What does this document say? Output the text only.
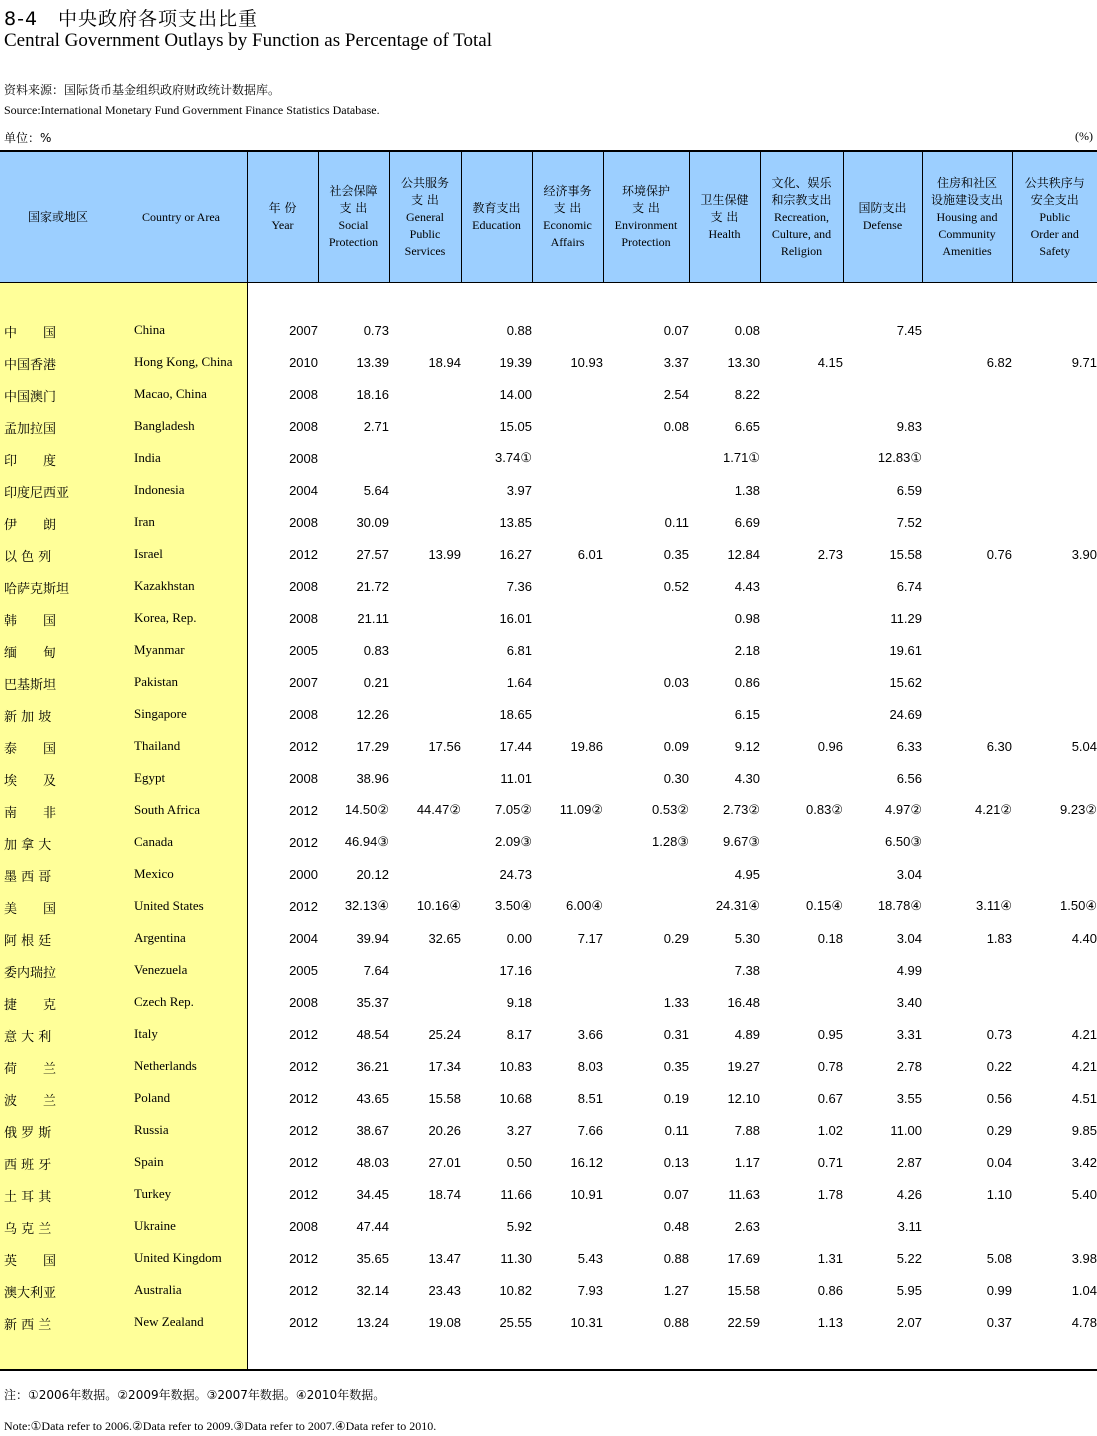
8-4　中央政府各项支出比重
Central Government Outlays by Function as Percentage of Total
资料来源：国际货币基金组织政府财政统计数据库。
Source:International Monetary Fund Government Finance Statistics Database.
单位：%	(%)
国家或地区 Country or Area	年 份
Year	社会保障
支 出
Social
Protection	公共服务
支 出
General
Public
Services	教育支出
Education	经济事务
支 出
Economic
Affairs	环境保护
支 出
Environment
Protection	卫生保健
支 出
Health	文化、娱乐
和宗教支出
Recreation,
Culture, and
Religion	国防支出
Defense	住房和社区
设施建设支出
Housing and
Community
Amenities	公共秩序与
安全支出
Public
Order and
Safety

中　　国 China	2007	0.73		0.88		0.07	0.08		7.45		

中国香港 Hong Kong, China	2010	13.39	18.94	19.39	10.93	3.37	13.30	4.15		6.82	9.71

中国澳门 Macao, China	2008	18.16		14.00		2.54	8.22				

孟加拉国 Bangladesh	2008	2.71		15.05		0.08	6.65		9.83		

印　　度 India	2008			3.74①			1.71①		12.83①		

印度尼西亚 Indonesia	2004	5.64		3.97			1.38		6.59		

伊　　朗 Iran	2008	30.09		13.85		0.11	6.69		7.52		

以 色 列 Israel	2012	27.57	13.99	16.27	6.01	0.35	12.84	2.73	15.58	0.76	3.90

哈萨克斯坦 Kazakhstan	2008	21.72		7.36		0.52	4.43		6.74		

韩　　国 Korea, Rep.	2008	21.11		16.01			0.98		11.29		

缅　　甸 Myanmar	2005	0.83		6.81			2.18		19.61		

巴基斯坦 Pakistan	2007	0.21		1.64		0.03	0.86		15.62		

新 加 坡 Singapore	2008	12.26		18.65			6.15		24.69		

泰　　国 Thailand	2012	17.29	17.56	17.44	19.86	0.09	9.12	0.96	6.33	6.30	5.04

埃　　及 Egypt	2008	38.96		11.01		0.30	4.30		6.56		

南　　非 South Africa	2012	14.50②	44.47②	7.05②	11.09②	0.53②	2.73②	0.83②	4.97②	4.21②	9.23②

加 拿 大 Canada	2012	46.94③		2.09③		1.28③	9.67③		6.50③		

墨 西 哥 Mexico	2000	20.12		24.73			4.95		3.04		

美　　国 United States	2012	32.13④	10.16④	3.50④	6.00④		24.31④	0.15④	18.78④	3.11④	1.50④

阿 根 廷 Argentina	2004	39.94	32.65	0.00	7.17	0.29	5.30	0.18	3.04	1.83	4.40

委内瑞拉 Venezuela	2005	7.64		17.16			7.38		4.99		

捷　　克 Czech Rep.	2008	35.37		9.18		1.33	16.48		3.40		

意 大 利 Italy	2012	48.54	25.24	8.17	3.66	0.31	4.89	0.95	3.31	0.73	4.21

荷　　兰 Netherlands	2012	36.21	17.34	10.83	8.03	0.35	19.27	0.78	2.78	0.22	4.21

波　　兰 Poland	2012	43.65	15.58	10.68	8.51	0.19	12.10	0.67	3.55	0.56	4.51

俄 罗 斯 Russia	2012	38.67	20.26	3.27	7.66	0.11	7.88	1.02	11.00	0.29	9.85

西 班 牙 Spain	2012	48.03	27.01	0.50	16.12	0.13	1.17	0.71	2.87	0.04	3.42

土 耳 其 Turkey	2012	34.45	18.74	11.66	10.91	0.07	11.63	1.78	4.26	1.10	5.40

乌 克 兰 Ukraine	2008	47.44		5.92		0.48	2.63		3.11		

英　　国 United Kingdom	2012	35.65	13.47	11.30	5.43	0.88	17.69	1.31	5.22	5.08	3.98

澳大利亚 Australia	2012	32.14	23.43	10.82	7.93	1.27	15.58	0.86	5.95	0.99	1.04

新 西 兰 New Zealand	2012	13.24	19.08	25.55	10.31	0.88	22.59	1.13	2.07	0.37	4.78

注：①2006年数据。②2009年数据。③2007年数据。④2010年数据。
Note:①Data refer to 2006.②Data refer to 2009.③Data refer to 2007.④Data refer to 2010.
